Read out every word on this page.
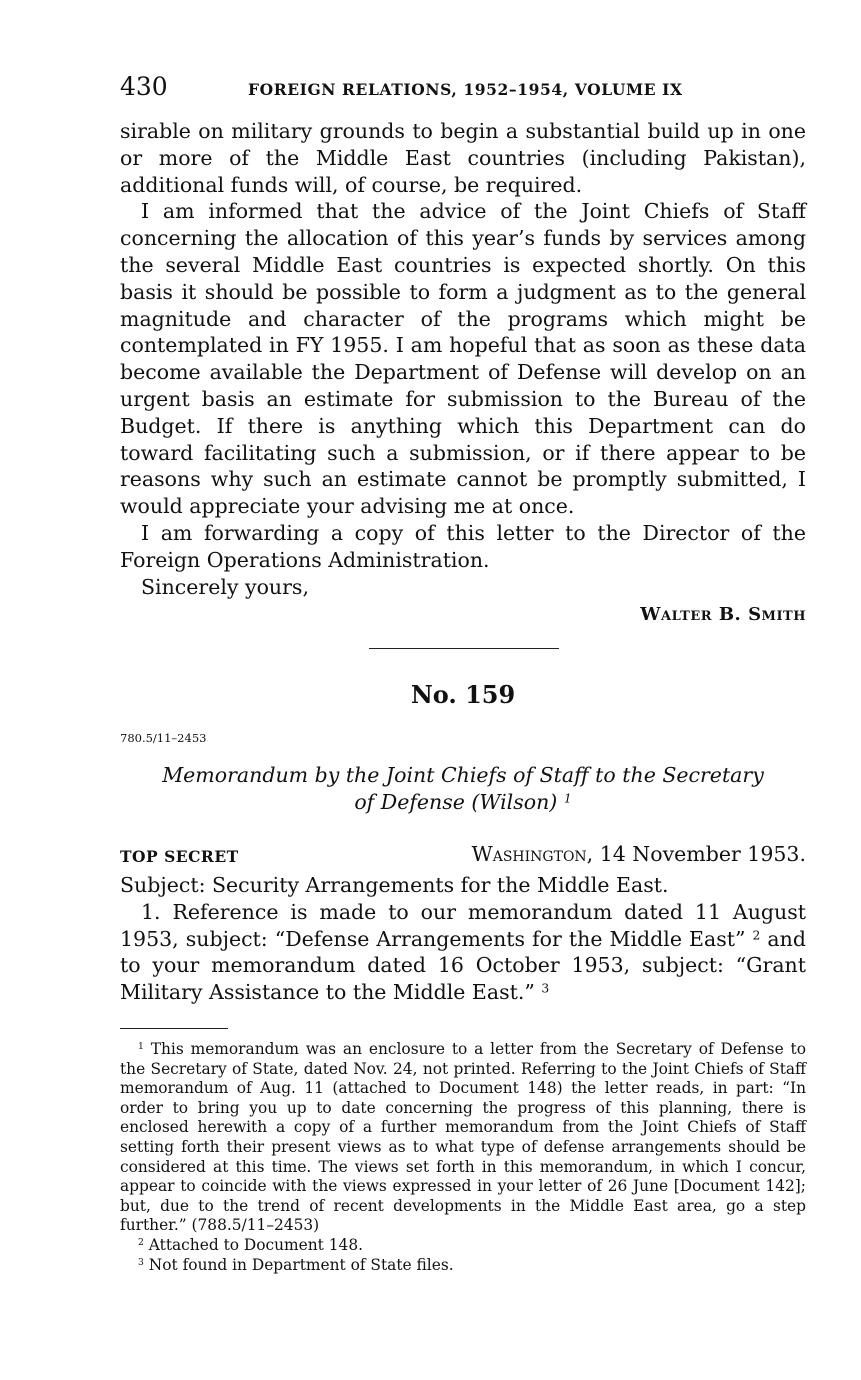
430	FOREIGN RELATIONS, 1952–1954, VOLUME IX

sirable on military grounds to begin a substantial build up in one or more of the Middle East countries (including Pakistan), additional funds will, of course, be required.

I am informed that the advice of the Joint Chiefs of Staff concerning the allocation of this year’s funds by services among the several Middle East countries is expected shortly. On this basis it should be possible to form a judgment as to the general magnitude and character of the programs which might be contemplated in FY 1955. I am hopeful that as soon as these data become available the Department of Defense will develop on an urgent basis an estimate for submission to the Bureau of the Budget. If there is anything which this Department can do toward facilitating such a submission, or if there appear to be reasons why such an estimate cannot be promptly submitted, I would appreciate your advising me at once.

I am forwarding a copy of this letter to the Director of the Foreign Operations Administration.

Sincerely yours,

Walter B. Smith
No. 159
780.5/11–2453
Memorandum by the Joint Chiefs of Staff to the Secretary of Defense (Wilson) $^1$
TOP SECRET	Washington, 14 November 1953.

Subject: Security Arrangements for the Middle East.

1. Reference is made to our memorandum dated 11 August 1953, subject: “Defense Arrangements for the Middle East” $^2$ and to your memorandum dated 16 October 1953, subject: “Grant Military Assistance to the Middle East.” $^3$

$^1$ This memorandum was an enclosure to a letter from the Secretary of Defense to the Secretary of State, dated Nov. 24, not printed. Referring to the Joint Chiefs of Staff memorandum of Aug. 11 (attached to Document 148) the letter reads, in part: “In order to bring you up to date concerning the progress of this planning, there is enclosed herewith a copy of a further memorandum from the Joint Chiefs of Staff setting forth their present views as to what type of defense arrangements should be considered at this time. The views set forth in this memorandum, in which I concur, appear to coincide with the views expressed in your letter of 26 June [Document 142]; but, due to the trend of recent developments in the Middle East area, go a step further.” (788.5/11–2453)

$^2$ Attached to Document 148.

$^3$ Not found in Department of State files.
